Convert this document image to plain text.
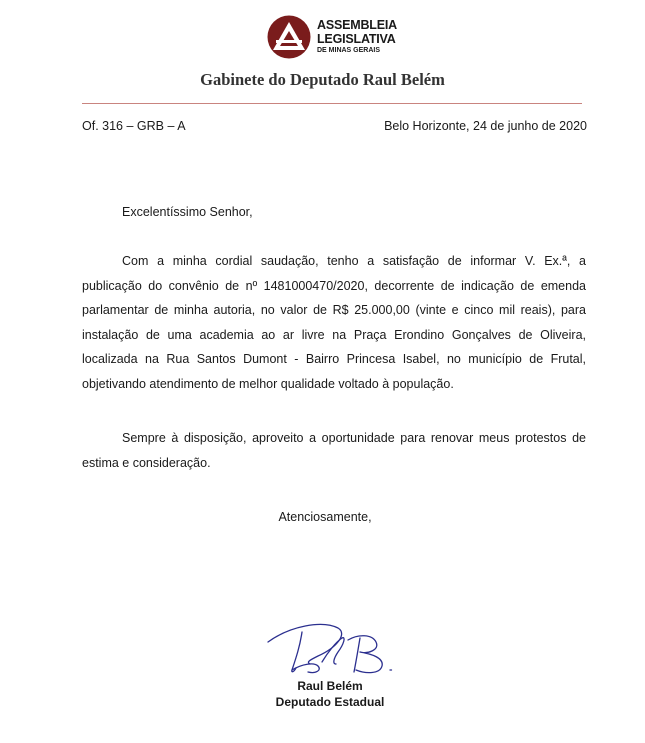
ASSEMBLEIA
LEGISLATIVA
DE MINAS GERAIS
Gabinete do Deputado Raul Belém
Of. 316 – GRB – A	Belo Horizonte, 24 de junho de 2020
Excelentíssimo Senhor,

Com a minha cordial saudação, tenho a satisfação de informar V. Ex.ª, a publicação do convênio de nº 1481000470/2020, decorrente de indicação de emenda parlamentar de minha autoria, no valor de R$ 25.000,00 (vinte e cinco mil reais), para instalação de uma academia ao ar livre na Praça Erondino Gonçalves de Oliveira, localizada na Rua Santos Dumont - Bairro Princesa Isabel, no município de Frutal, objetivando atendimento de melhor qualidade voltado à população.

Sempre à disposição, aproveito a oportunidade para renovar meus protestos de estima e consideração.

Atenciosamente,
Raul Belém
Deputado Estadual
